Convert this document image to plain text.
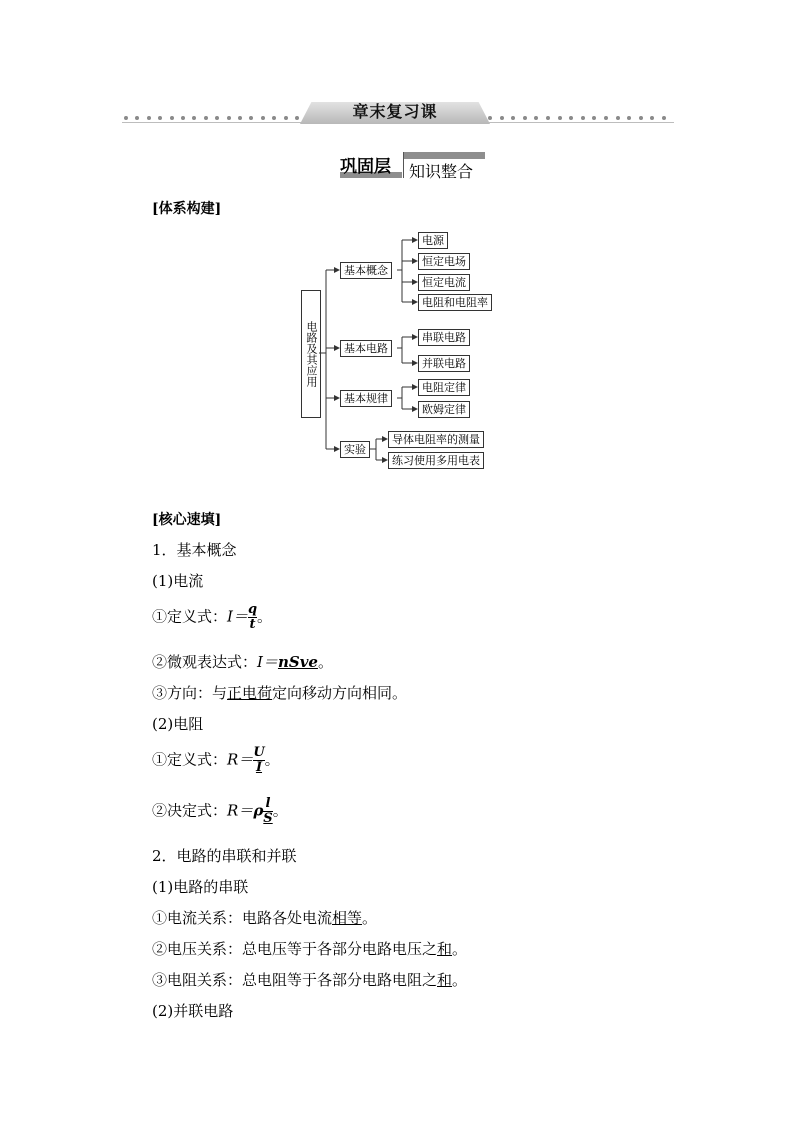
章末复习课
巩固层 知识整合
[体系构建]
电路及其应用
基本概念
电源
恒定电场
恒定电流
电阻和电阻率
基本电路
串联电路
并联电路
基本规律
电阻定律
欧姆定律
实验
导体电阻率的测量
练习使用多用电表
[核心速填]
1．基本概念
(1)电流
①定义式：$I= \frac{q}{t}$ 。
②微观表达式：I＝nSve。
③方向：与正电荷定向移动方向相同。
(2)电阻
①定义式：$R= \frac{U}{I}$ 。
②决定式：$R=\rho \frac{l}{S}$ 。
2．电路的串联和并联
(1)电路的串联
①电流关系：电路各处电流相等。
②电压关系：总电压等于各部分电路电压之和。
③电阻关系：总电阻等于各部分电路电阻之和。
(2)并联电路
